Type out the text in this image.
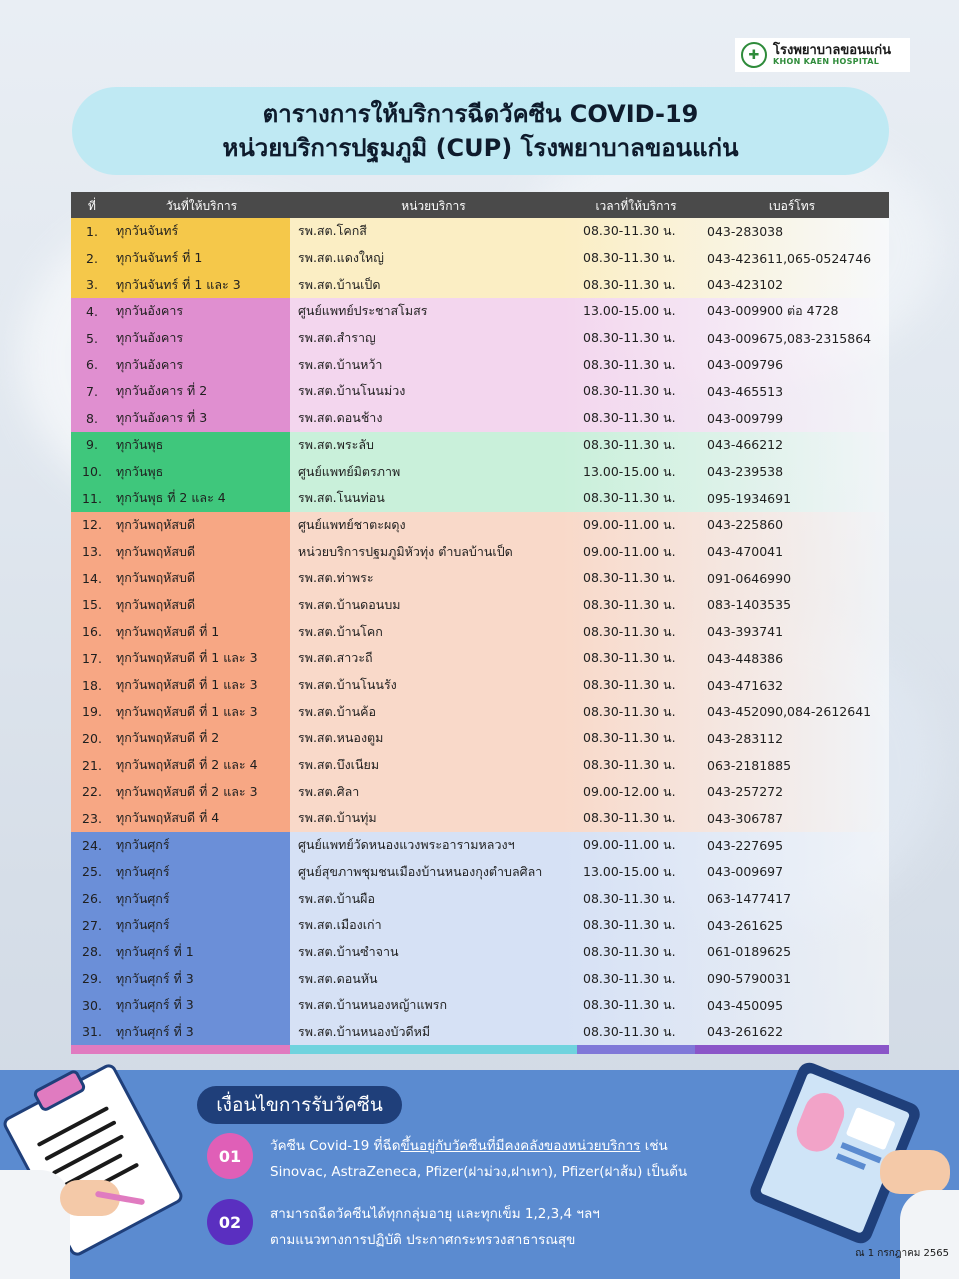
✚	โรงพยาบาลขอนแก่น
KHON KAEN HOSPITAL
ตารางการให้บริการฉีดวัคซีน COVID-19
หน่วยบริการปฐมภูมิ (CUP) โรงพยาบาลขอนแก่น
ที่	วันที่ให้บริการ	หน่วยบริการ	เวลาที่ให้บริการ	เบอร์โทร
1.	ทุกวันจันทร์	รพ.สต.โคกสี	08.30-11.30 น.	043-283038
2.	ทุกวันจันทร์ ที่ 1	รพ.สต.แดงใหญ่	08.30-11.30 น.	043-423611,065-0524746
3.	ทุกวันจันทร์ ที่ 1 และ 3	รพ.สต.บ้านเป็ด	08.30-11.30 น.	043-423102
4.	ทุกวันอังคาร	ศูนย์แพทย์ประชาสโมสร	13.00-15.00 น.	043-009900 ต่อ 4728
5.	ทุกวันอังคาร	รพ.สต.สำราญ	08.30-11.30 น.	043-009675,083-2315864
6.	ทุกวันอังคาร	รพ.สต.บ้านหว้า	08.30-11.30 น.	043-009796
7.	ทุกวันอังคาร ที่ 2	รพ.สต.บ้านโนนม่วง	08.30-11.30 น.	043-465513
8.	ทุกวันอังคาร ที่ 3	รพ.สต.ดอนช้าง	08.30-11.30 น.	043-009799
9.	ทุกวันพุธ	รพ.สต.พระลับ	08.30-11.30 น.	043-466212
10.	ทุกวันพุธ	ศูนย์แพทย์มิตรภาพ	13.00-15.00 น.	043-239538
11.	ทุกวันพุธ ที่ 2 และ 4	รพ.สต.โนนท่อน	08.30-11.30 น.	095-1934691
12.	ทุกวันพฤหัสบดี	ศูนย์แพทย์ชาตะผดุง	09.00-11.00 น.	043-225860
13.	ทุกวันพฤหัสบดี	หน่วยบริการปฐมภูมิหัวทุ่ง ตำบลบ้านเป็ด	09.00-11.00 น.	043-470041
14.	ทุกวันพฤหัสบดี	รพ.สต.ท่าพระ	08.30-11.30 น.	091-0646990
15.	ทุกวันพฤหัสบดี	รพ.สต.บ้านดอนบม	08.30-11.30 น.	083-1403535
16.	ทุกวันพฤหัสบดี ที่ 1	รพ.สต.บ้านโคก	08.30-11.30 น.	043-393741
17.	ทุกวันพฤหัสบดี ที่ 1 และ 3	รพ.สต.สาวะถี	08.30-11.30 น.	043-448386
18.	ทุกวันพฤหัสบดี ที่ 1 และ 3	รพ.สต.บ้านโนนรัง	08.30-11.30 น.	043-471632
19.	ทุกวันพฤหัสบดี ที่ 1 และ 3	รพ.สต.บ้านค้อ	08.30-11.30 น.	043-452090,084-2612641
20.	ทุกวันพฤหัสบดี ที่ 2	รพ.สต.หนองตูม	08.30-11.30 น.	043-283112
21.	ทุกวันพฤหัสบดี ที่ 2 และ 4	รพ.สต.บึงเนียม	08.30-11.30 น.	063-2181885
22.	ทุกวันพฤหัสบดี ที่ 2 และ 3	รพ.สต.ศิลา	09.00-12.00 น.	043-257272
23.	ทุกวันพฤหัสบดี ที่ 4	รพ.สต.บ้านทุ่ม	08.30-11.30 น.	043-306787
24.	ทุกวันศุกร์	ศูนย์แพทย์วัดหนองแวงพระอารามหลวงฯ	09.00-11.00 น.	043-227695
25.	ทุกวันศุกร์	ศูนย์สุขภาพชุมชนเมืองบ้านหนองกุงตำบลศิลา	13.00-15.00 น.	043-009697
26.	ทุกวันศุกร์	รพ.สต.บ้านผือ	08.30-11.30 น.	063-1477417
27.	ทุกวันศุกร์	รพ.สต.เมืองเก่า	08.30-11.30 น.	043-261625
28.	ทุกวันศุกร์ ที่ 1	รพ.สต.บ้านซำจาน	08.30-11.30 น.	061-0189625
29.	ทุกวันศุกร์ ที่ 3	รพ.สต.ดอนหัน	08.30-11.30 น.	090-5790031
30.	ทุกวันศุกร์ ที่ 3	รพ.สต.บ้านหนองหญ้าแพรก	08.30-11.30 น.	043-450095
31.	ทุกวันศุกร์ ที่ 3	รพ.สต.บ้านหนองบัวดีหมี	08.30-11.30 น.	043-261622
เงื่อนไขการรับวัคซีน
01
วัคซีน Covid-19 ที่ฉีดขึ้นอยู่กับวัคซีนที่มีคงคลังของหน่วยบริการ เช่น
Sinovac, AstraZeneca, Pfizer(ฝาม่วง,ฝาเทา), Pfizer(ฝาส้ม) เป็นต้น
02	สามารถฉีดวัคซีนได้ทุกกลุ่มอายุ และทุกเข็ม 1,2,3,4 ฯลฯ
ตามแนวทางการปฏิบัติ ประกาศกระทรวงสาธารณสุข
ณ 1 กรกฎาคม 2565
